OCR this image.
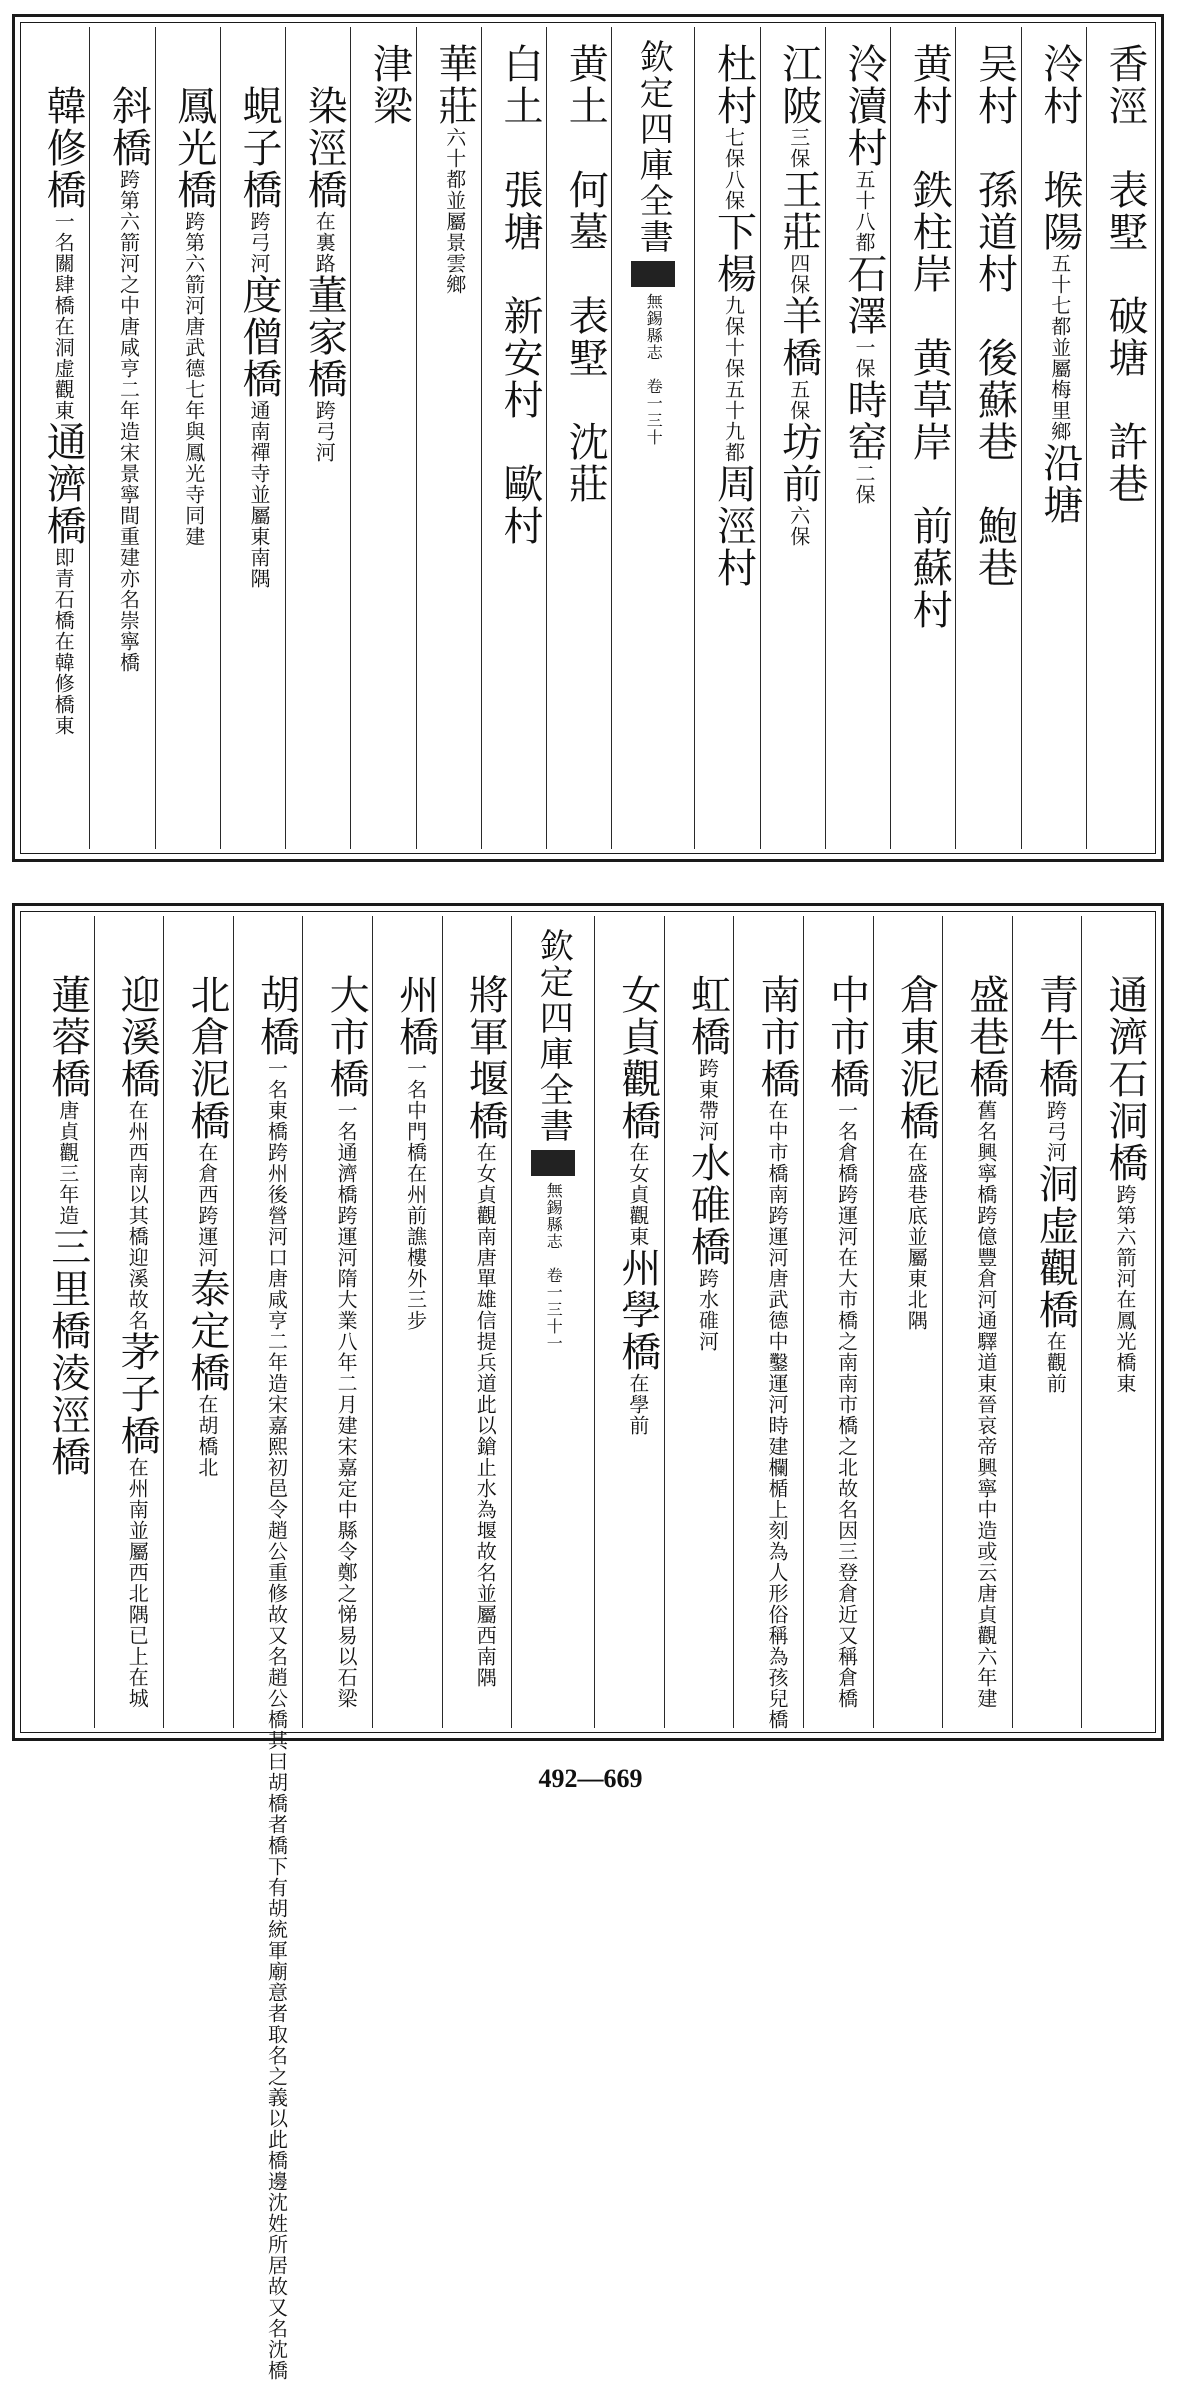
香涇　表墅　破塘　許巷
泠村　堠陽五十七都並屬梅里鄉沿塘
吴村　孫道村　後蘇巷　鮑巷
黄村　鉄柱岸　黄草岸　前蘇村
泠瀆村五十八都石澤一保時窑二保
江陂三保王莊四保羊橋五保坊前六保
杜村七保八保下楊九保十保五十九都周涇村
欽定四庫全書無錫縣志　卷一三十
黄土　何墓　表墅　沈莊
白土　張塘　新安村　歐村
華莊六十都並屬景雲鄉
津梁
染涇橋在裏路董家橋跨弓河
蜆子橋跨弓河度僧橋通南禪寺並屬東南隅
鳳光橋跨第六箭河唐武德七年與鳳光寺同建
斜橋跨第六箭河之中唐咸亨二年造宋景寧間重建亦名崇寧橋
韓修橋一名關肆橋在洞虚觀東通濟橋即青石橋在韓修橋東
通濟石洞橋跨第六箭河在鳳光橋東
青牛橋跨弓河洞虚觀橋在觀前
盛巷橋舊名興寧橋跨億豐倉河通驛道東晉哀帝興寧中造或云唐貞觀六年建
倉東泥橋在盛巷底並屬東北隅
中市橋一名倉橋跨運河在大市橋之南南市橋之北故名因三登倉近又稱倉橋
南市橋在中市橋南跨運河唐武德中鑿運河時建欄楯上刻為人形俗稱為孩兒橋
虹橋跨東帶河水碓橋跨水碓河
女貞觀橋在女貞觀東州學橋在學前
欽定四庫全書無錫縣志　卷一三十一
將軍堰橋在女貞觀南唐單雄信提兵道此以鎗止水為堰故名並屬西南隅
州橋一名中門橋在州前譙樓外三步
大市橋一名通濟橋跨運河隋大業八年二月建宋嘉定中縣令鄭之悌易以石梁
胡橋一名東橋跨州後營河口唐咸亨二年造宋嘉熙初邑令趙公重修故又名趙公橋其曰胡橋者橋下有胡統軍廟意者取名之義以此橋邊沈姓所居故又名沈橋
北倉泥橋在倉西跨運河泰定橋在胡橋北
迎溪橋在州西南以其橋迎溪故名茅子橋在州南並屬西北隅已上在城
蓮蓉橋唐貞觀三年造三里橋淩涇橋
492—669
